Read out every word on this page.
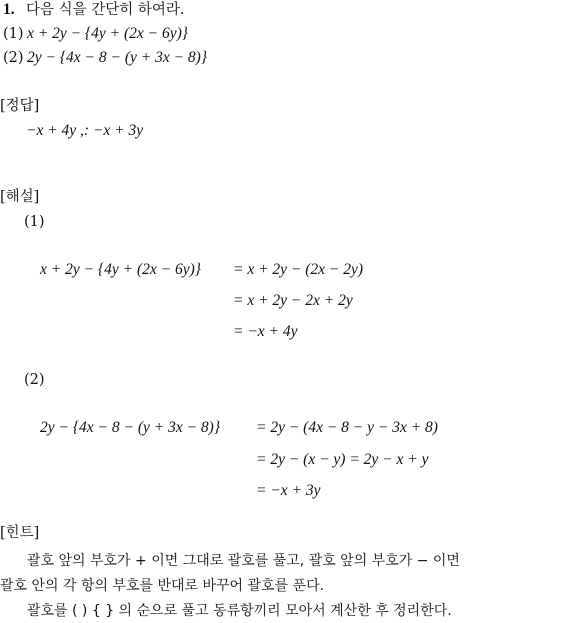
1. 다음 식을 간단히 하여라.
(1) x + 2y − {4y + (2x − 6y)}
(2) 2y − {4x − 8 − (y + 3x − 8)}
[정답]
−x + 4y ,: −x + 3y
[해설]
(1)
x + 2y − {4y + (2x − 6y)} = x + 2y − (2x − 2y)
= x + 2y − 2x + 2y
= −x + 4y
(2)
2y − {4x − 8 − (y + 3x − 8)} = 2y − (4x − 8 − y − 3x + 8)
= 2y − (x − y) = 2y − x + y
= −x + 3y
[힌트]
괄호 앞의 부호가 + 이면 그대로 괄호를 풀고, 괄호 앞의 부호가 − 이면
괄호 안의 각 항의 부호를 반대로 바꾸어 괄호를 푼다.
괄호를 ( ) { } 의 순으로 풀고 동류항끼리 모아서 계산한 후 정리한다.
